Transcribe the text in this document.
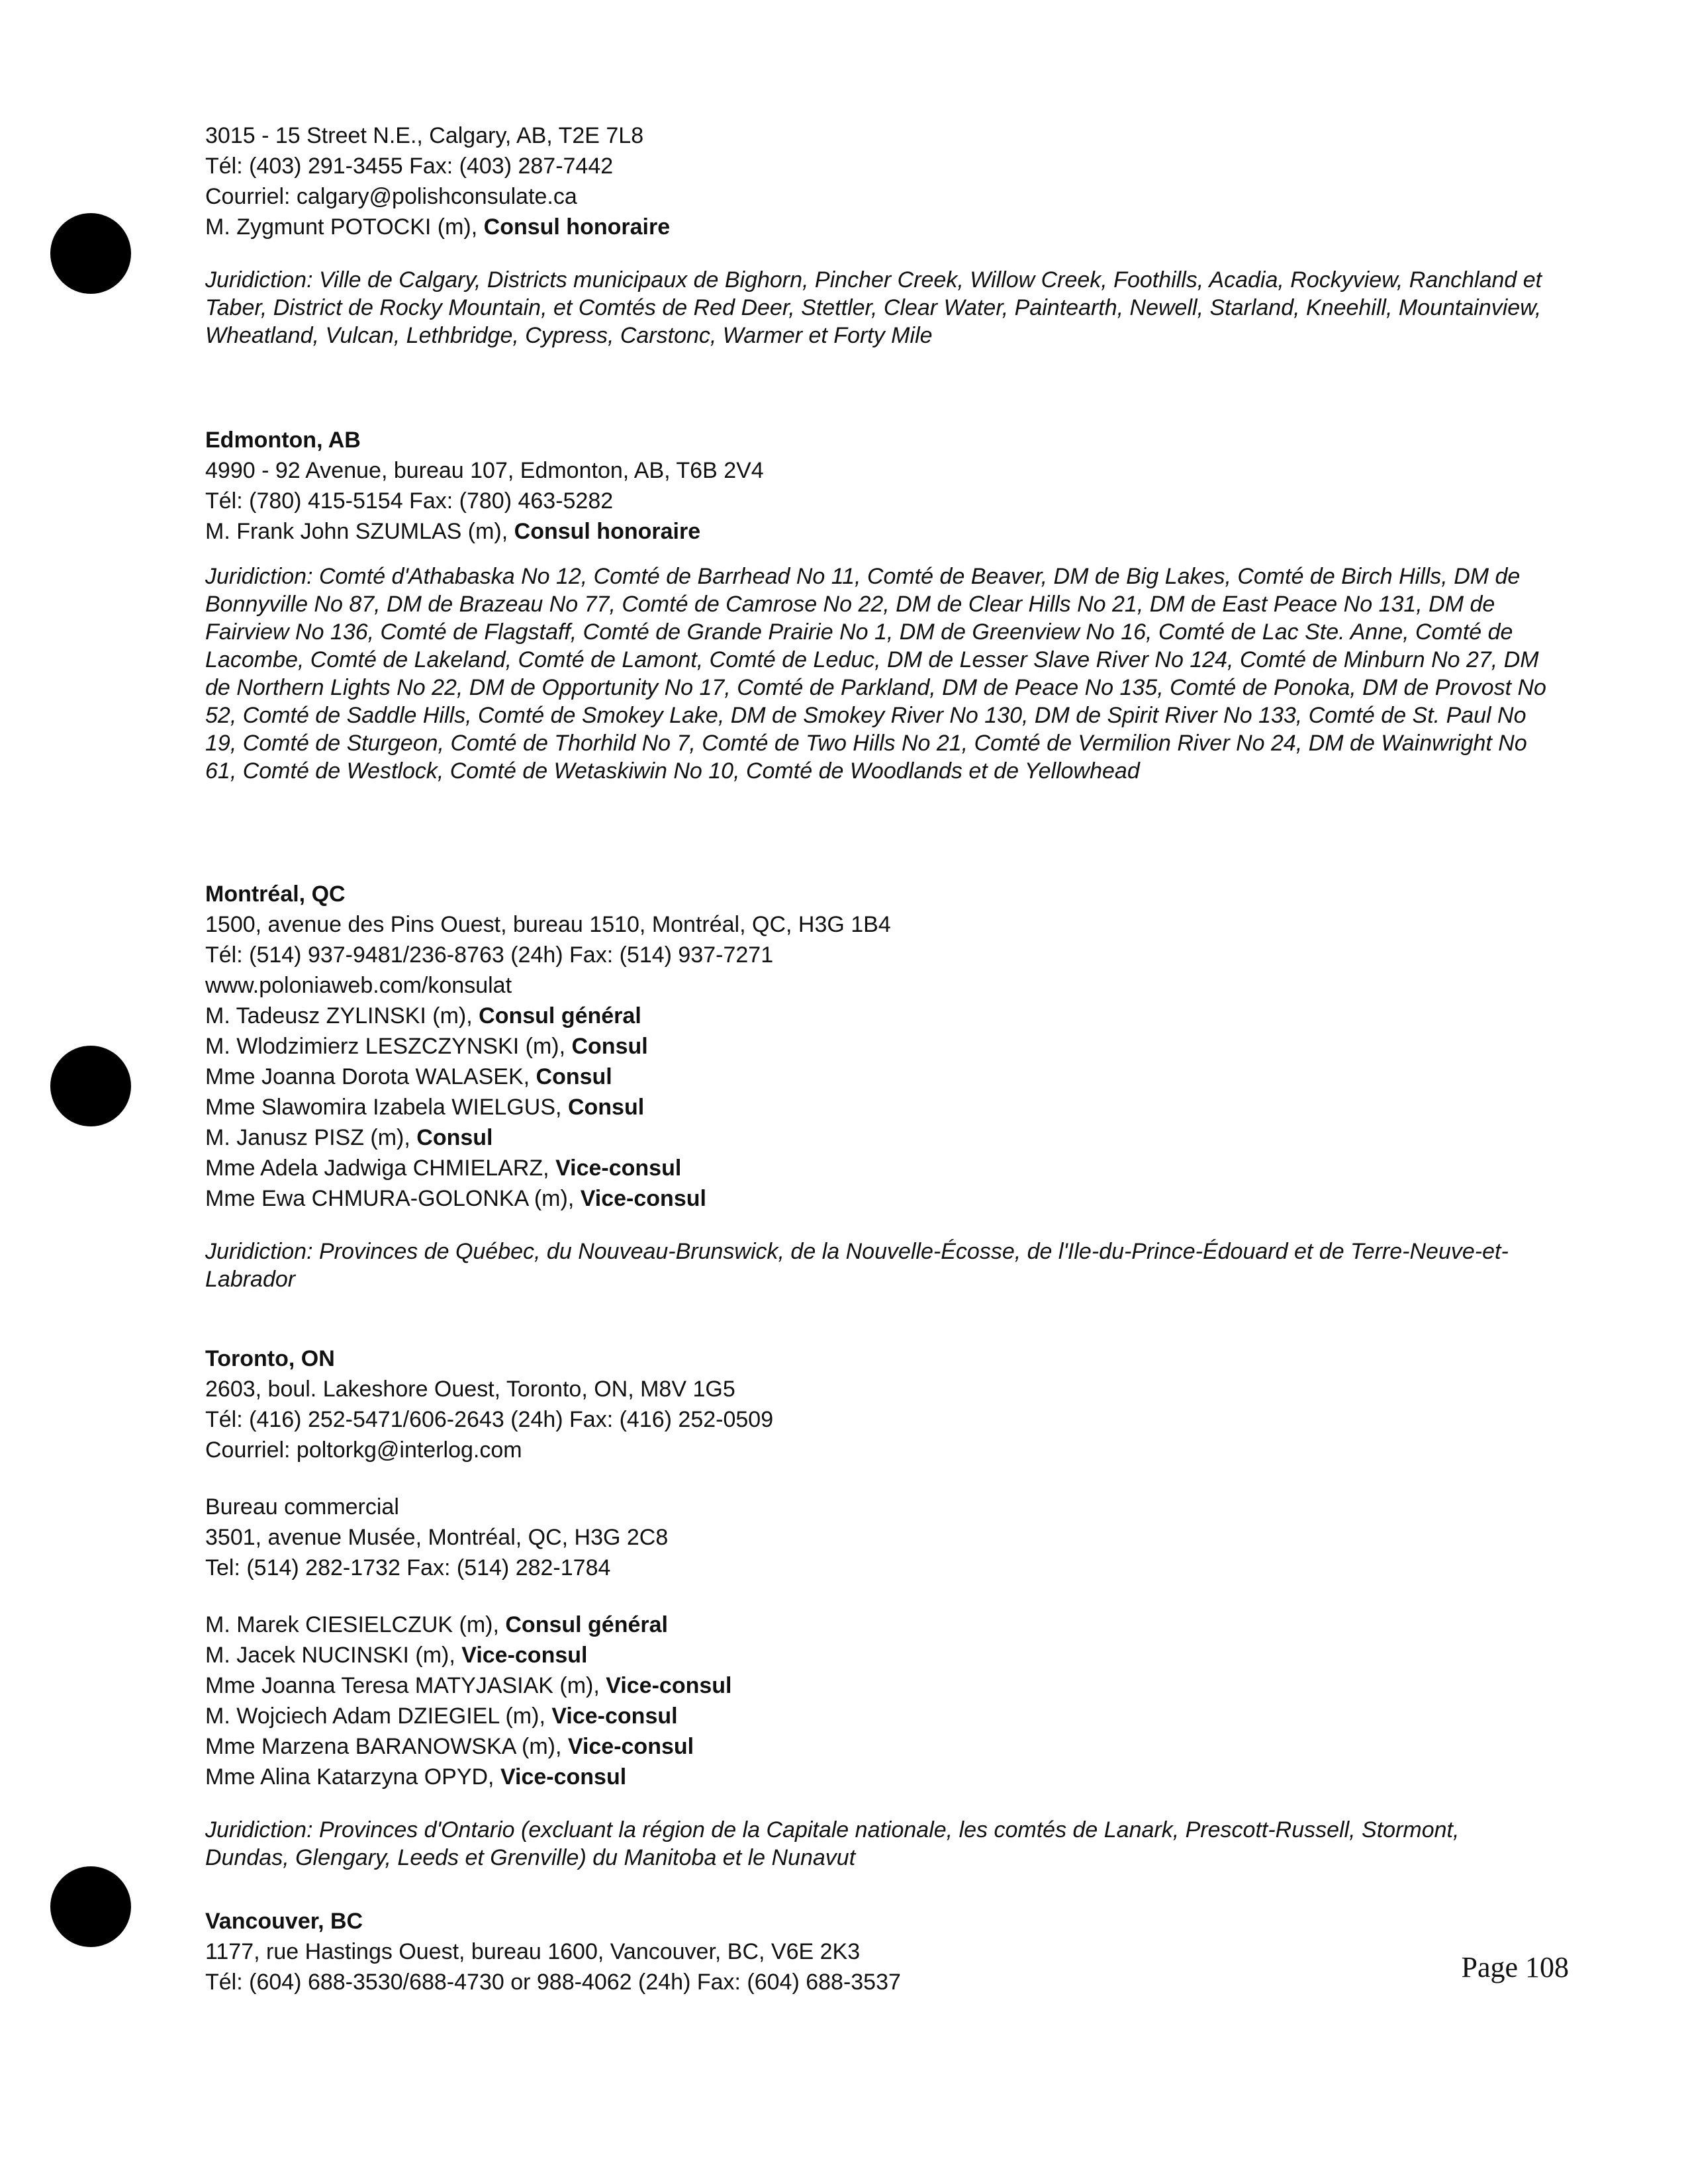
3015 - 15 Street N.E., Calgary, AB, T2E 7L8
Tél: (403) 291-3455 Fax: (403) 287-7442
Courriel: calgary@polishconsulate.ca
M. Zygmunt POTOCKI (m), Consul honoraire
Juridiction: Ville de Calgary, Districts municipaux de Bighorn, Pincher Creek, Willow Creek, Foothills, Acadia, Rockyview, Ranchland et Taber, District de Rocky Mountain, et Comtés de Red Deer, Stettler, Clear Water, Paintearth, Newell, Starland, Kneehill, Mountainview, Wheatland, Vulcan, Lethbridge, Cypress, Carstonc, Warmer et Forty Mile
Edmonton, AB
4990 - 92 Avenue, bureau 107, Edmonton, AB, T6B 2V4
Tél: (780) 415-5154 Fax: (780) 463-5282
M. Frank John SZUMLAS (m), Consul honoraire
Juridiction: Comté d'Athabaska No 12, Comté de Barrhead No 11, Comté de Beaver, DM de Big Lakes, Comté de Birch Hills, DM de Bonnyville No 87, DM de Brazeau No 77, Comté de Camrose No 22, DM de Clear Hills No 21, DM de East Peace No 131, DM de Fairview No 136, Comté de Flagstaff, Comté de Grande Prairie No 1, DM de Greenview No 16, Comté de Lac Ste. Anne, Comté de Lacombe, Comté de Lakeland, Comté de Lamont, Comté de Leduc, DM de Lesser Slave River No 124, Comté de Minburn No 27, DM de Northern Lights No 22, DM de Opportunity No 17, Comté de Parkland, DM de Peace No 135, Comté de Ponoka, DM de Provost No 52, Comté de Saddle Hills, Comté de Smokey Lake, DM de Smokey River No 130, DM de Spirit River No 133, Comté de St. Paul No 19, Comté de Sturgeon, Comté de Thorhild No 7, Comté de Two Hills No 21, Comté de Vermilion River No 24, DM de Wainwright No 61, Comté de Westlock, Comté de Wetaskiwin No 10, Comté de Woodlands et de Yellowhead
Montréal, QC
1500, avenue des Pins Ouest, bureau 1510, Montréal, QC, H3G 1B4
Tél: (514) 937-9481/236-8763 (24h) Fax: (514) 937-7271
www.poloniaweb.com/konsulat
M. Tadeusz ZYLINSKI (m), Consul général
M. Wlodzimierz LESZCZYNSKI (m), Consul
Mme Joanna Dorota WALASEK, Consul
Mme Slawomira Izabela WIELGUS, Consul
M. Janusz PISZ (m), Consul
Mme Adela Jadwiga CHMIELARZ, Vice-consul
Mme Ewa CHMURA-GOLONKA (m), Vice-consul
Juridiction: Provinces de Québec, du Nouveau-Brunswick, de la Nouvelle-Écosse, de l'Ile-du-Prince-Édouard et de Terre-Neuve-et-Labrador
Toronto, ON
2603, boul. Lakeshore Ouest, Toronto, ON, M8V 1G5
Tél: (416) 252-5471/606-2643 (24h) Fax: (416) 252-0509
Courriel: poltorkg@interlog.com
Bureau commercial
3501, avenue Musée, Montréal, QC, H3G 2C8
Tel: (514) 282-1732 Fax: (514) 282-1784
M. Marek CIESIELCZUK (m), Consul général
M. Jacek NUCINSKI (m), Vice-consul
Mme Joanna Teresa MATYJASIAK (m), Vice-consul
M. Wojciech Adam DZIEGIEL (m), Vice-consul
Mme Marzena BARANOWSKA (m), Vice-consul
Mme Alina Katarzyna OPYD, Vice-consul
Juridiction: Provinces d'Ontario (excluant la région de la Capitale nationale, les comtés de Lanark, Prescott-Russell, Stormont, Dundas, Glengary, Leeds et Grenville) du Manitoba et le Nunavut
Vancouver, BC
1177, rue Hastings Ouest, bureau 1600, Vancouver, BC, V6E 2K3
Tél: (604) 688-3530/688-4730 or 988-4062 (24h) Fax: (604) 688-3537	Page 108
